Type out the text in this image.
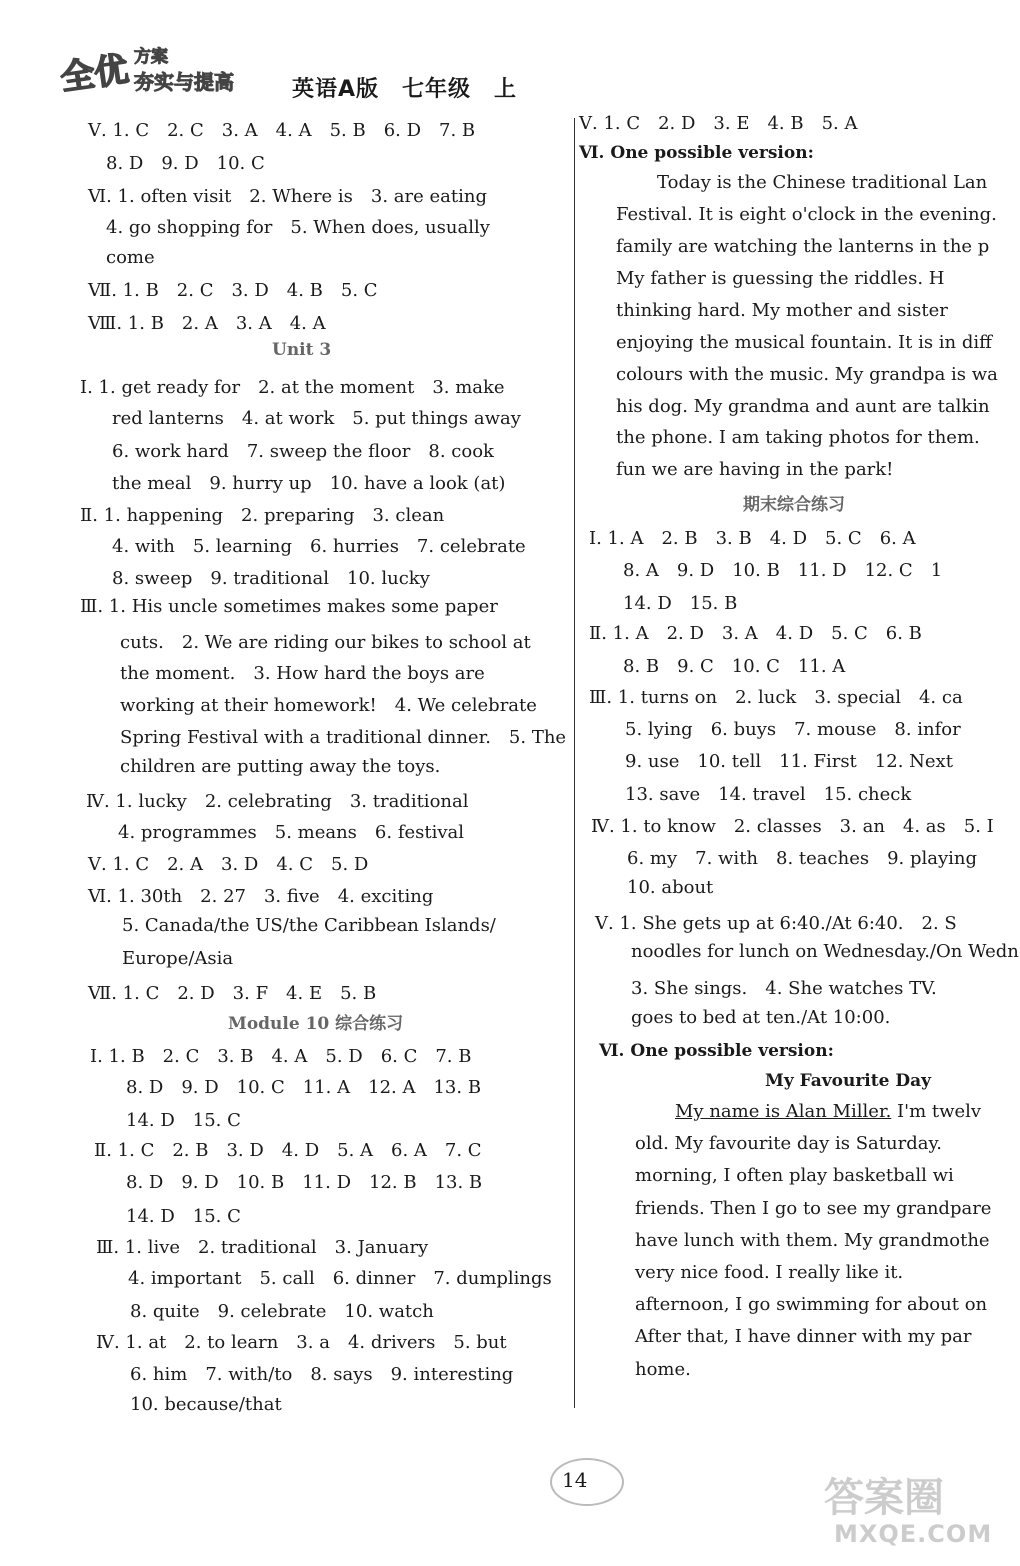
全优 方案
夯实与提高	英语A版　七年级　上
Ⅴ. 1. C　2. C　3. A　4. A　5. B　6. D　7. B
8. D　9. D　10. C
Ⅵ. 1. often visit　2. Where is　3. are eating
4. go shopping for　5. When does, usually
come
Ⅶ. 1. B　2. C　3. D　4. B　5. C
Ⅷ. 1. B　2. A　3. A　4. A
Unit 3
Ⅰ. 1. get ready for　2. at the moment　3. make
red lanterns　4. at work　5. put things away
6. work hard　7. sweep the floor　8. cook
the meal　9. hurry up　10. have a look (at)
Ⅱ. 1. happening　2. preparing　3. clean
4. with　5. learning　6. hurries　7. celebrate
8. sweep　9. traditional　10. lucky
Ⅲ. 1. His uncle sometimes makes some paper
cuts.　2. We are riding our bikes to school at
the moment.　3. How hard the boys are
working at their homework!　4. We celebrate
Spring Festival with a traditional dinner.　5. The
children are putting away the toys.
Ⅳ. 1. lucky　2. celebrating　3. traditional
4. programmes　5. means　6. festival
Ⅴ. 1. C　2. A　3. D　4. C　5. D
Ⅵ. 1. 30th　2. 27　3. five　4. exciting
5. Canada/the US/the Caribbean Islands/
Europe/Asia
Ⅶ. 1. C　2. D　3. F　4. E　5. B
Module 10 综合练习
Ⅰ. 1. B　2. C　3. B　4. A　5. D　6. C　7. B
8. D　9. D　10. C　11. A　12. A　13. B
14. D　15. C
Ⅱ. 1. C　2. B　3. D　4. D　5. A　6. A　7. C
8. D　9. D　10. B　11. D　12. B　13. B
14. D　15. C
Ⅲ. 1. live　2. traditional　3. January
4. important　5. call　6. dinner　7. dumplings
8. quite　9. celebrate　10. watch
Ⅳ. 1. at　2. to learn　3. a　4. drivers　5. but
6. him　7. with/to　8. says　9. interesting
10. because/that
Ⅴ. 1. C　2. D　3. E　4. B　5. A
Ⅵ. One possible version:
Today is the Chinese traditional Lan
Festival. It is eight o'clock in the evening.
family are watching the lanterns in the p
My father is guessing the riddles. H
thinking hard. My mother and sister
enjoying the musical fountain. It is in diff
colours with the music. My grandpa is wa
his dog. My grandma and aunt are talkin
the phone. I am taking photos for them.
fun we are having in the park!
期末综合练习
Ⅰ. 1. A　2. B　3. B　4. D　5. C　6. A
8. A　9. D　10. B　11. D　12. C　1
14. D　15. B
Ⅱ. 1. A　2. D　3. A　4. D　5. C　6. B
8. B　9. C　10. C　11. A
Ⅲ. 1. turns on　2. luck　3. special　4. ca
5. lying　6. buys　7. mouse　8. infor
9. use　10. tell　11. First　12. Next
13. save　14. travel　15. check
Ⅳ. 1. to know　2. classes　3. an　4. as　5. I
6. my　7. with　8. teaches　9. playing
10. about
Ⅴ. 1. She gets up at 6:40./At 6:40.　2. S
noodles for lunch on Wednesday./On Wedn
3. She sings.　4. She watches TV.
goes to bed at ten./At 10:00.
Ⅵ. One possible version:
My Favourite Day
My name is Alan Miller. I'm twelv
old. My favourite day is Saturday.
morning, I often play basketball wi
friends. Then I go to see my grandpare
have lunch with them. My grandmothe
very nice food. I really like it.
afternoon, I go swimming for about on
After that, I have dinner with my par
home.
14	答案圈
MXQE.COM
